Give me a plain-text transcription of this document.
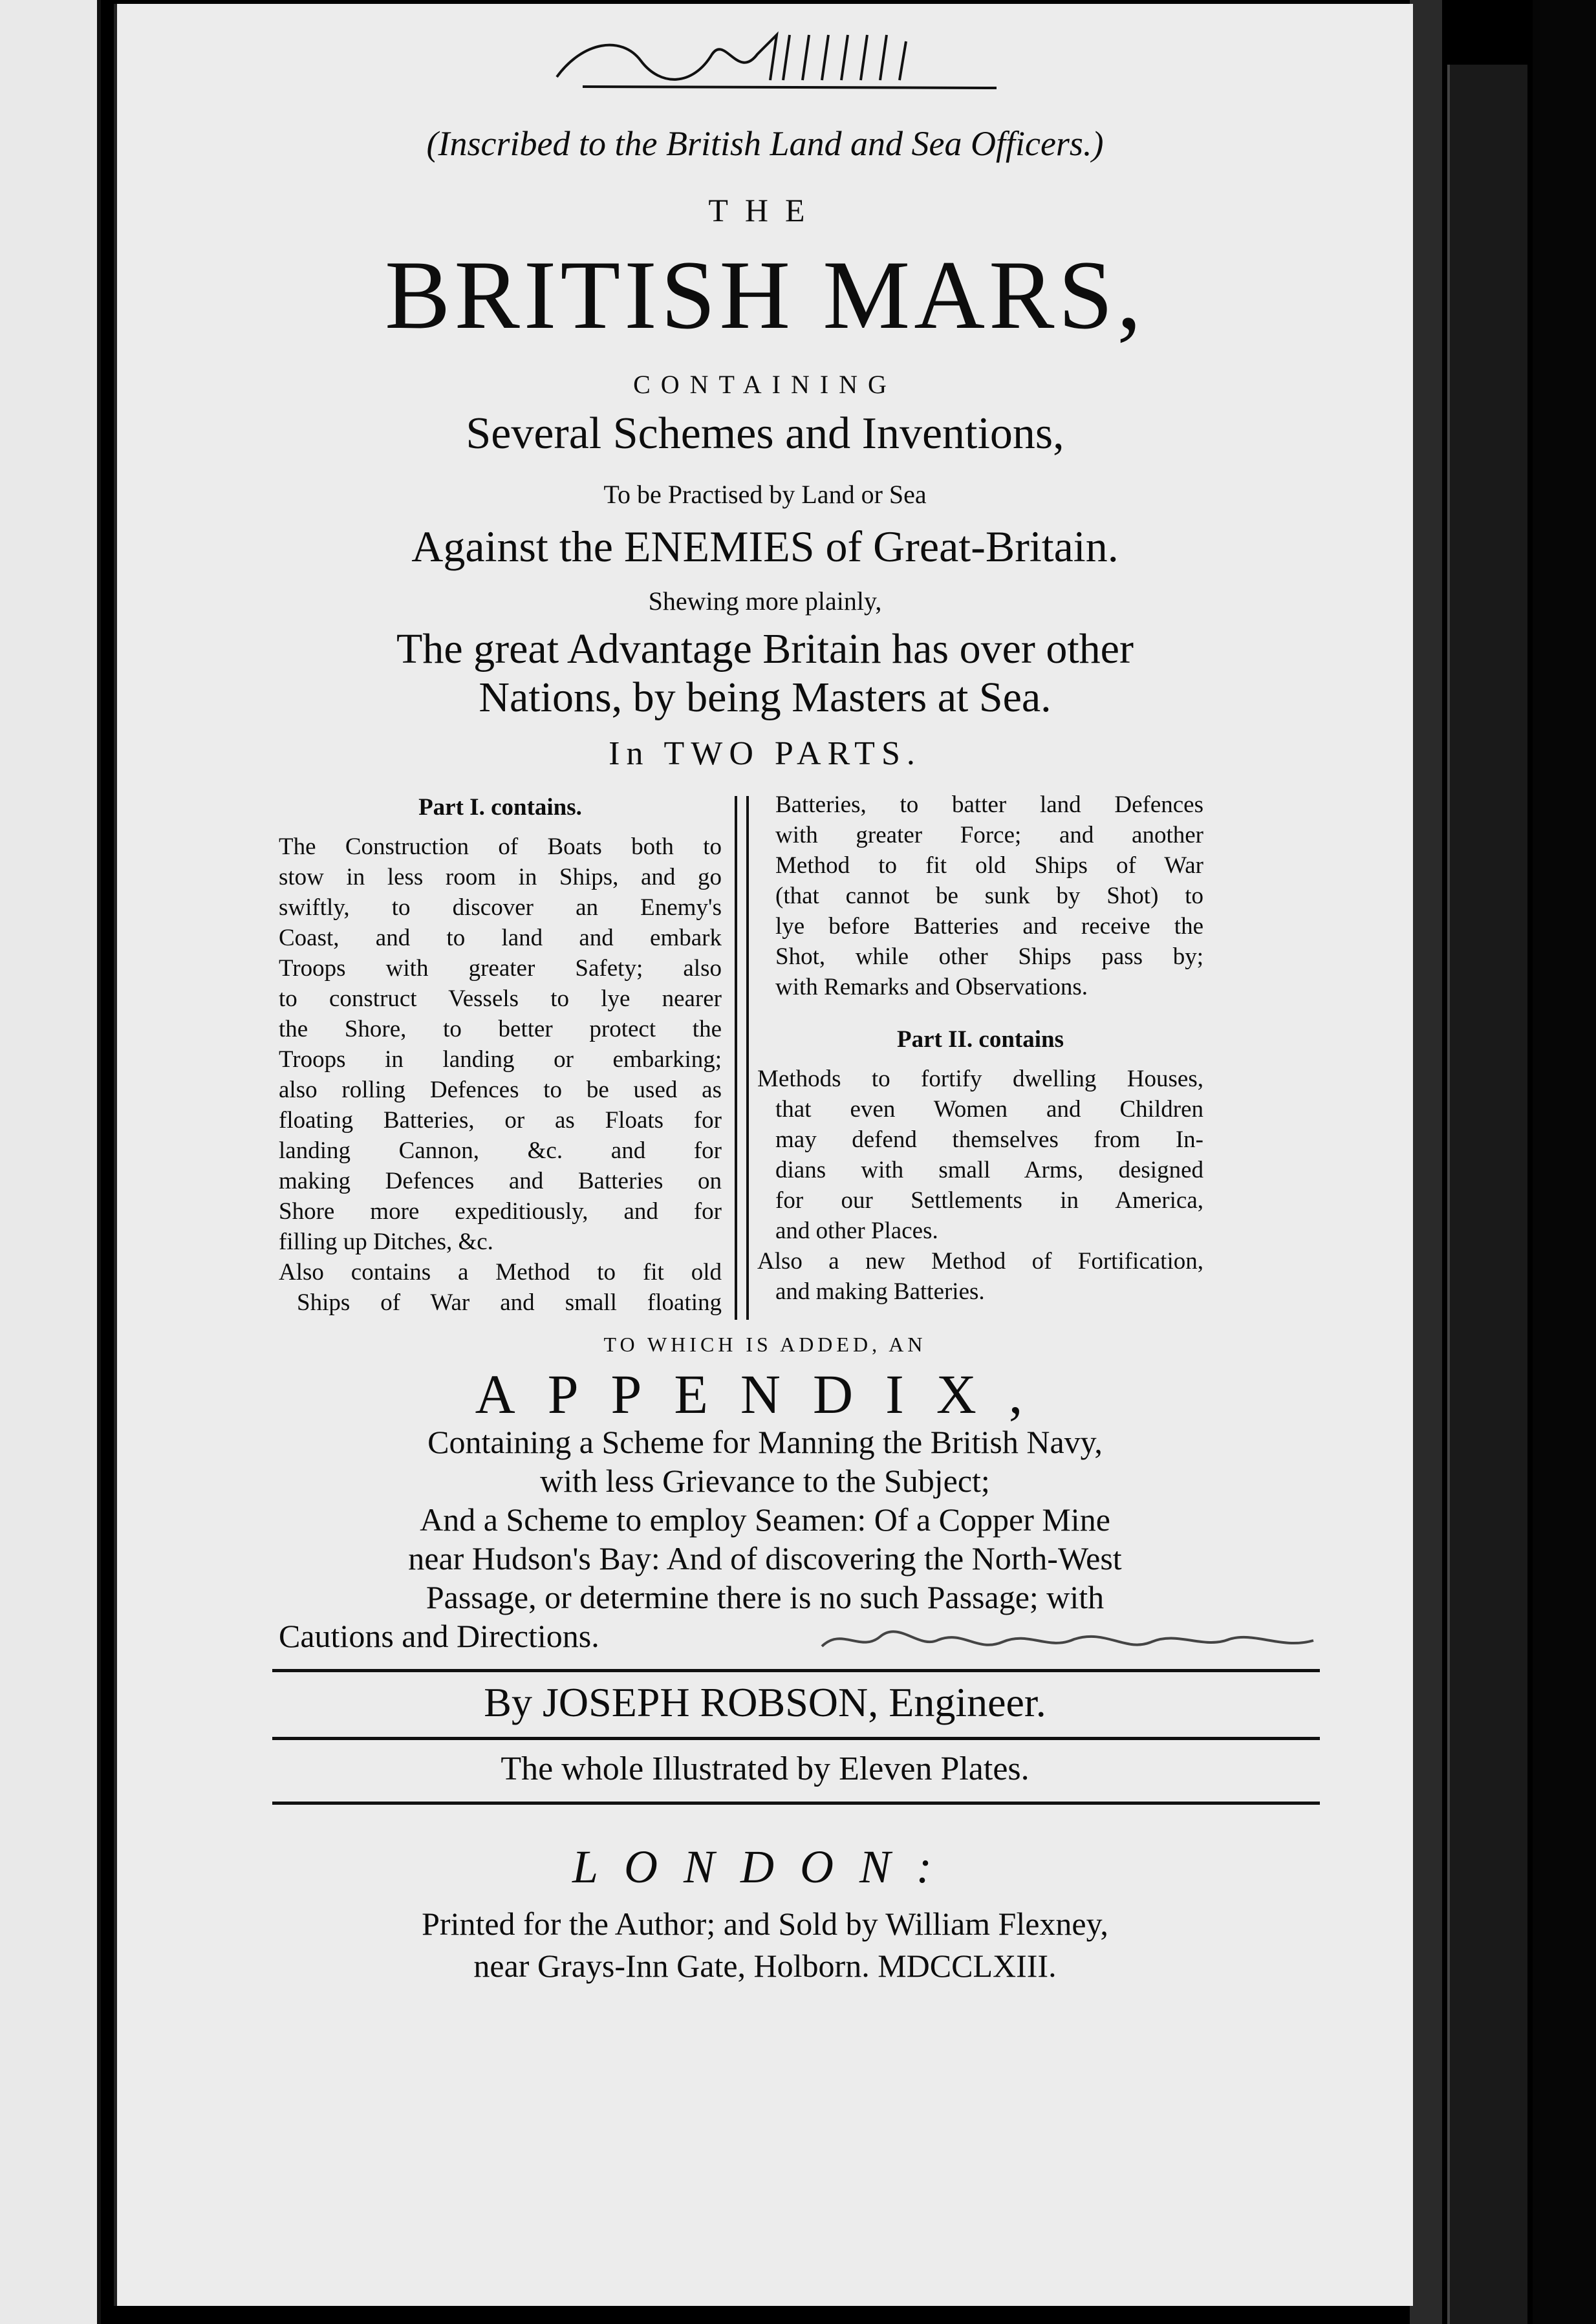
(Inscribed to the British Land and Sea Officers.)
THE
BRITISH MARS,
CONTAINING
Several Schemes and Inventions,
To be Practised by Land or Sea
Against the ENEMIES of Great-Britain.
Shewing more plainly,
The great Advantage Britain has over other
Nations, by being Masters at Sea.
In TWO PARTS.
Part I. contains.
The Construction of Boats both to
stow in less room in Ships, and go
swiftly, to discover an Enemy's
Coast, and to land and embark
Troops with greater Safety; also
to construct Vessels to lye nearer
the Shore, to better protect the
Troops in landing or embarking;
also rolling Defences to be used as
floating Batteries, or as Floats for
landing Cannon, &c. and for
making Defences and Batteries on
Shore more expeditiously, and for
filling up Ditches, &c.
Also contains a Method to fit old
Ships of War and small floating
Batteries, to batter land Defences
with greater Force; and another
Method to fit old Ships of War
(that cannot be sunk by Shot) to
lye before Batteries and receive the
Shot, while other Ships pass by;
with Remarks and Observations.
Part II. contains
Methods to fortify dwelling Houses,
that even Women and Children
may defend themselves from In-
dians with small Arms, designed
for our Settlements in America,
and other Places.
Also a new Method of Fortification,
and making Batteries.
TO WHICH IS ADDED, AN
APPENDIX,
Containing a Scheme for Manning the British Navy,
with less Grievance to the Subject;
And a Scheme to employ Seamen: Of a Copper Mine
near Hudson's Bay: And of discovering the North-West
Passage, or determine there is no such Passage; with
Cautions and Directions.
By JOSEPH ROBSON, Engineer.
The whole Illustrated by Eleven Plates.
LONDON:
Printed for the Author; and Sold by William Flexney,
near Grays-Inn Gate, Holborn. MDCCLXIII.
